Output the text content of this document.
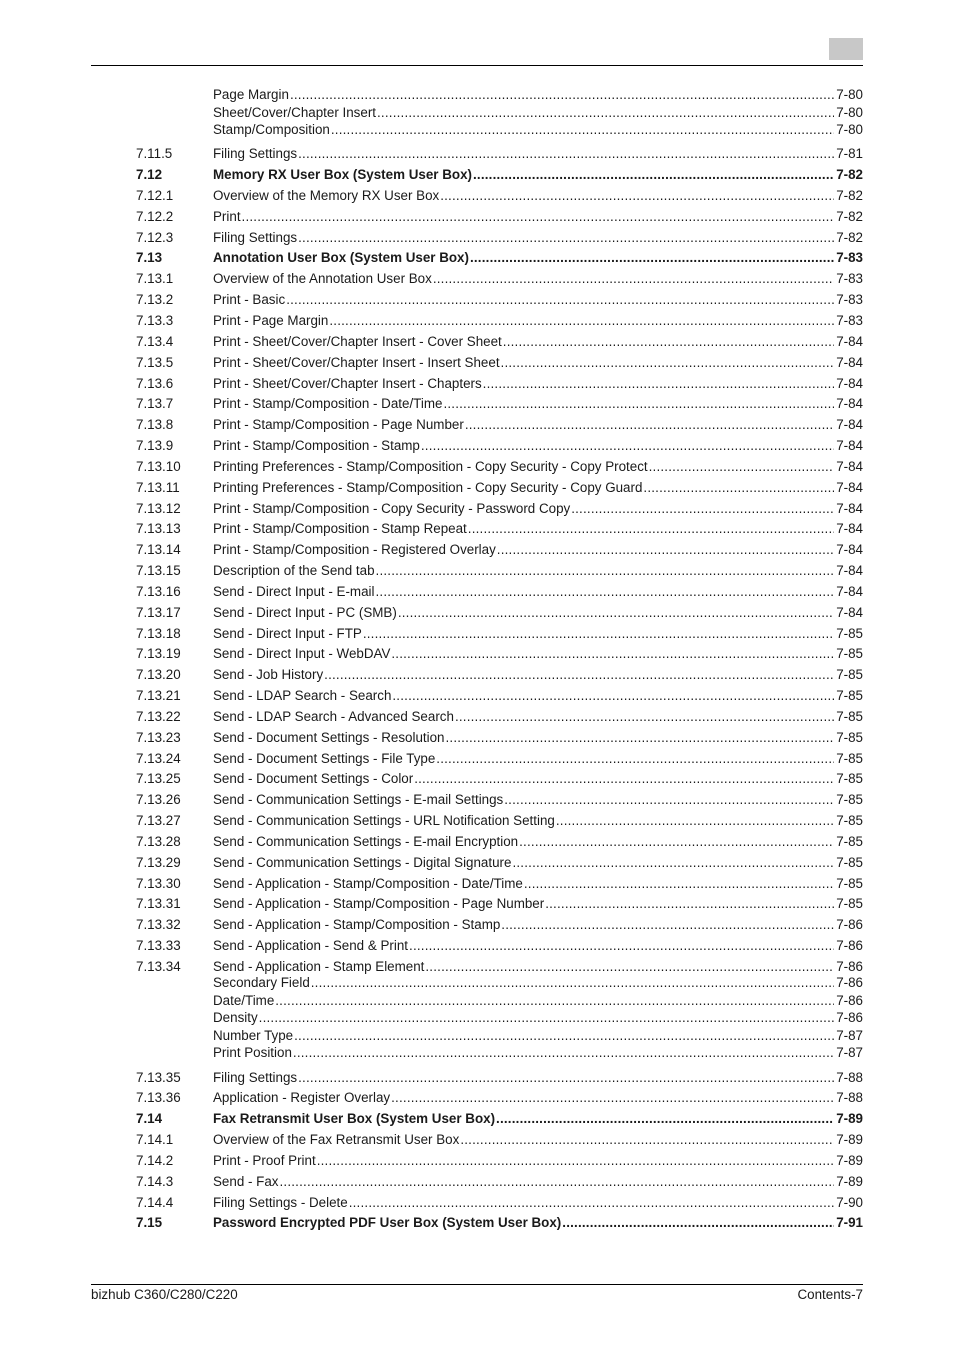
Page Margin .....	7-80
Sheet/Cover/Chapter Insert .....	7-80
Stamp/Composition .....	7-80
7.11.5	Filing Settings .....	7-81
7.12	Memory RX User Box (System User Box) .....	7-82
7.12.1	Overview of the Memory RX User Box .....	7-82
7.12.2	Print .....	7-82
7.12.3	Filing Settings .....	7-82
7.13	Annotation User Box (System User Box) .....	7-83
7.13.1	Overview of the Annotation User Box .....	7-83
7.13.2	Print - Basic .....	7-83
7.13.3	Print - Page Margin .....	7-83
7.13.4	Print - Sheet/Cover/Chapter Insert - Cover Sheet .....	7-84
7.13.5	Print - Sheet/Cover/Chapter Insert - Insert Sheet .....	7-84
7.13.6	Print - Sheet/Cover/Chapter Insert - Chapters .....	7-84
7.13.7	Print - Stamp/Composition - Date/Time .....	7-84
7.13.8	Print - Stamp/Composition - Page Number .....	7-84
7.13.9	Print - Stamp/Composition - Stamp .....	7-84
7.13.10 Printing Preferences - Stamp/Composition - Copy Security - Copy Protect .....	7-84
7.13.11 Printing Preferences - Stamp/Composition - Copy Security - Copy Guard .....	7-84
7.13.12 Print - Stamp/Composition - Copy Security - Password Copy .....	7-84
7.13.13 Print - Stamp/Composition - Stamp Repeat .....	7-84
7.13.14 Print - Stamp/Composition - Registered Overlay .....	7-84
7.13.15 Description of the Send tab .....	7-84
7.13.16 Send - Direct Input - E-mail .....	7-84
7.13.17 Send - Direct Input - PC (SMB) .....	7-84
7.13.18 Send - Direct Input - FTP .....	7-85
7.13.19 Send - Direct Input - WebDAV .....	7-85
7.13.20 Send - Job History .....	7-85
7.13.21 Send - LDAP Search - Search .....	7-85
7.13.22 Send - LDAP Search - Advanced Search .....	7-85
7.13.23 Send - Document Settings - Resolution .....	7-85
7.13.24 Send - Document Settings - File Type .....	7-85
7.13.25 Send - Document Settings - Color .....	7-85
7.13.26 Send - Communication Settings - E-mail Settings .....	7-85
7.13.27 Send - Communication Settings - URL Notification Setting .....	7-85
7.13.28 Send - Communication Settings - E-mail Encryption .....	7-85
7.13.29 Send - Communication Settings - Digital Signature .....	7-85
7.13.30 Send - Application - Stamp/Composition - Date/Time .....	7-85
7.13.31 Send - Application - Stamp/Composition - Page Number .....	7-85
7.13.32 Send - Application - Stamp/Composition - Stamp .....	7-86
7.13.33 Send - Application - Send & Print .....	7-86
7.13.34 Send - Application - Stamp Element .....	7-86
Secondary Field .....	7-86
Date/Time .....	7-86
Density .....	7-86
Number Type .....	7-87
Print Position .....	7-87
7.13.35 Filing Settings .....	7-88
7.13.36 Application - Register Overlay .....	7-88
7.14	Fax Retransmit User Box (System User Box) .....	7-89
7.14.1	Overview of the Fax Retransmit User Box .....	7-89
7.14.2	Print - Proof Print .....	7-89
7.14.3	Send - Fax .....	7-89
7.14.4	Filing Settings - Delete .....	7-90
7.15	Password Encrypted PDF User Box (System User Box) .....	7-91
bizhub C360/C280/C220	Contents-7
